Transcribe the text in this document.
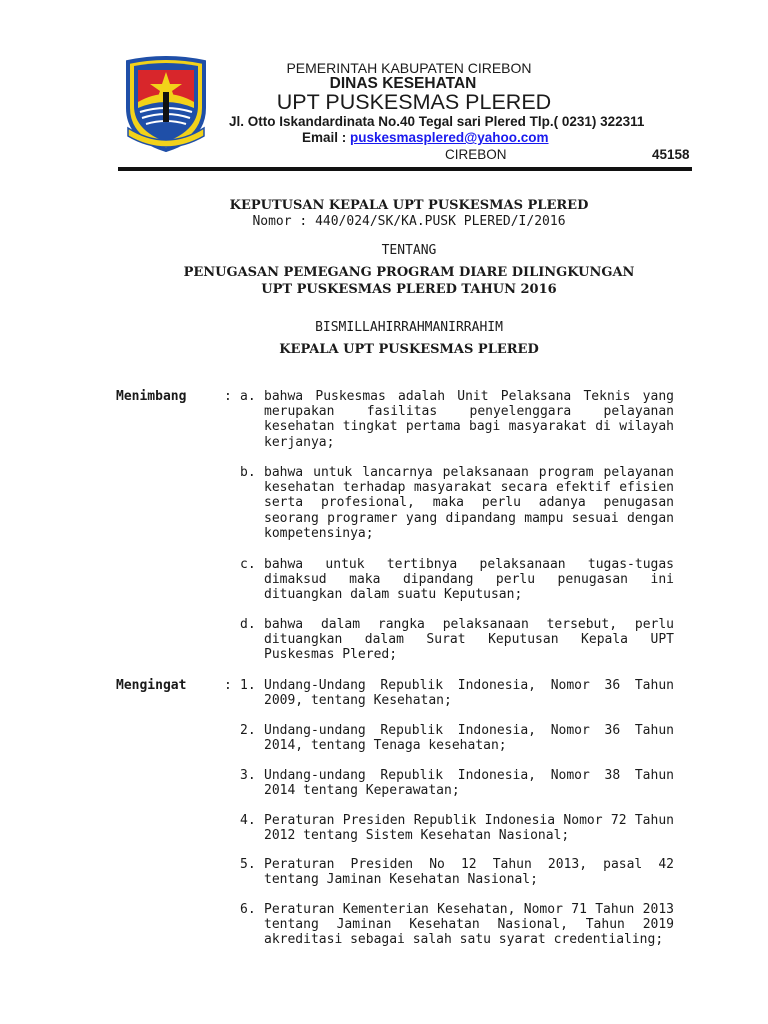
PEMERINTAH KABUPATEN CIREBON
DINAS KESEHATAN
UPT PUSKESMAS PLERED
Jl. Otto Iskandardinata No.40 Tegal sari Plered Tlp.( 0231) 322311
Email : puskesmasplered@yahoo.com
CIREBON	45158
KEPUTUSAN KEPALA UPT PUSKESMAS PLERED
Nomor : 440/024/SK/KA.PUSK PLERED/I/2016
TENTANG
PENUGASAN PEMEGANG PROGRAM DIARE DILINGKUNGAN
UPT PUSKESMAS PLERED TAHUN 2016
BISMILLAHIRRAHMANIRRAHIM
KEPALA UPT PUSKESMAS PLERED
Menimbang	: a. bahwa Puskesmas adalah Unit Pelaksana Teknis yang merupakan fasilitas penyelenggara pelayanan kesehatan tingkat pertama bagi masyarakat di wilayah kerjanya;
b. bahwa untuk lancarnya pelaksanaan program pelayanan kesehatan terhadap masyarakat secara efektif efisien serta profesional, maka perlu adanya penugasan seorang programer yang dipandang mampu sesuai dengan kompetensinya;
c. bahwa untuk tertibnya pelaksanaan tugas-tugas dimaksud maka dipandang perlu penugasan ini dituangkan dalam suatu Keputusan;
d. bahwa dalam rangka pelaksanaan tersebut, perlu dituangkan dalam Surat Keputusan Kepala UPT Puskesmas Plered;
Mengingat	: 1. Undang-Undang Republik Indonesia, Nomor 36 Tahun 2009, tentang Kesehatan;
2. Undang-undang Republik Indonesia, Nomor 36 Tahun 2014, tentang Tenaga kesehatan;
3. Undang-undang Republik Indonesia, Nomor 38 Tahun 2014 tentang Keperawatan;
4. Peraturan Presiden Republik Indonesia Nomor 72 Tahun 2012 tentang Sistem Kesehatan Nasional;
5. Peraturan Presiden No 12 Tahun 2013, pasal 42 tentang Jaminan Kesehatan Nasional;
6. Peraturan Kementerian Kesehatan, Nomor 71 Tahun 2013 tentang Jaminan Kesehatan Nasional, Tahun 2019 akreditasi sebagai salah satu syarat credentialing;
